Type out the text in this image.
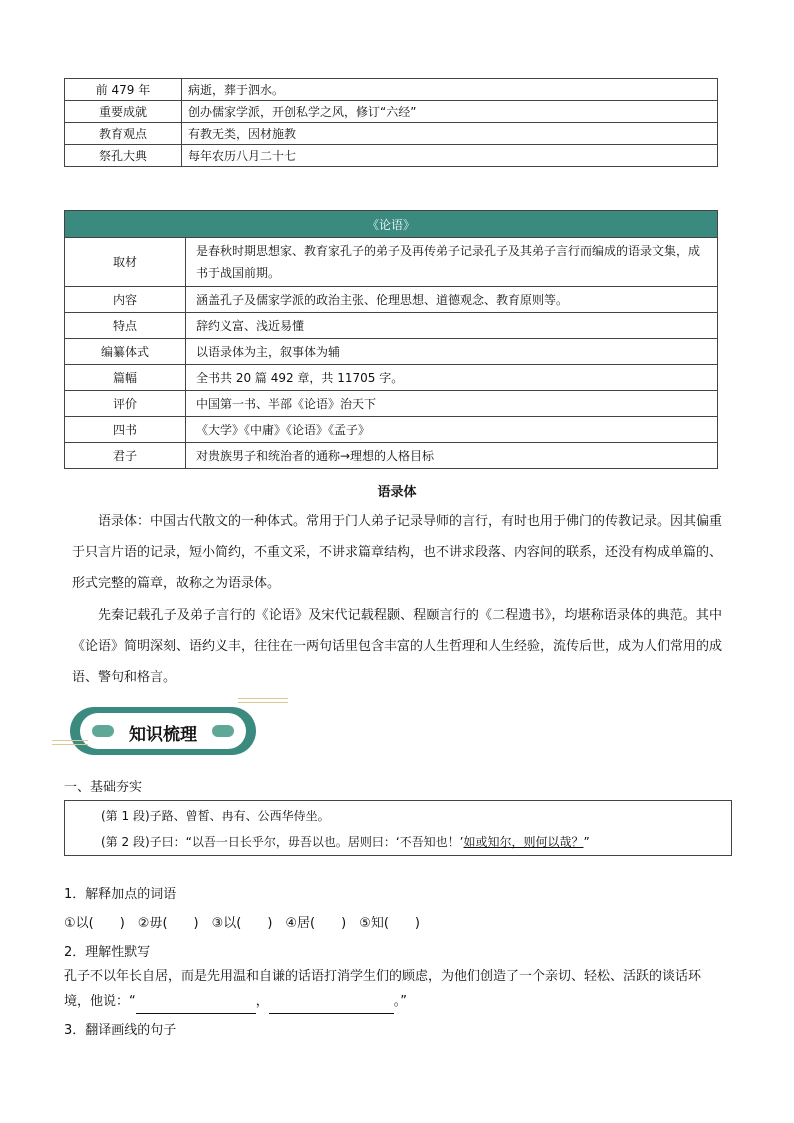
前 479 年	病逝，葬于泗水。
重要成就	创办儒家学派，开创私学之风，修订“六经”
教育观点	有教无类，因材施教
祭孔大典	每年农历八月二十七
《论语》	
取材	是春秋时期思想家、教育家孔子的弟子及再传弟子记录孔子及其弟子言行而编成的语录文集，成书于战国前期。
内容	涵盖孔子及儒家学派的政治主张、伦理思想、道德观念、教育原则等。
特点	辞约义富、浅近易懂
编纂体式	以语录体为主，叙事体为辅
篇幅	全书共 20 篇 492 章，共 11705 字。
评价	中国第一书、半部《论语》治天下
四书	《大学》《中庸》《论语》《孟子》
君子	对贵族男子和统治者的通称→理想的人格目标
语录体
语录体：中国古代散文的一种体式。常用于门人弟子记录导师的言行，有时也用于佛门的传教记录。因其偏重于只言片语的记录，短小简约，不重文采，不讲求篇章结构，也不讲求段落、内容间的联系，还没有构成单篇的、形式完整的篇章，故称之为语录体。
先秦记载孔子及弟子言行的《论语》及宋代记载程颢、程颐言行的《二程遗书》，均堪称语录体的典范。其中《论语》简明深刻、语约义丰，往往在一两句话里包含丰富的人生哲理和人生经验，流传后世，成为人们常用的成语、警句和格言。
知识梳理
一、基础夯实
(第 1 段)子路、曾皙、冉有、公西华侍坐。
(第 2 段)子曰：“以吾一日长乎尔，毋吾以也。居则曰：‘不吾知也！’如或知尔，则何以哉？”
1．解释加点的词语
①以(　　)　②毋(　　)　③以(　　)　④居(　　)　⑤知(　　)
2．理解性默写
孔子不以年长自居，而是先用温和自谦的话语打消学生们的顾虑，为他们创造了一个亲切、轻松、活跃的谈话环境，他说：“	，	。”
3．翻译画线的句子
